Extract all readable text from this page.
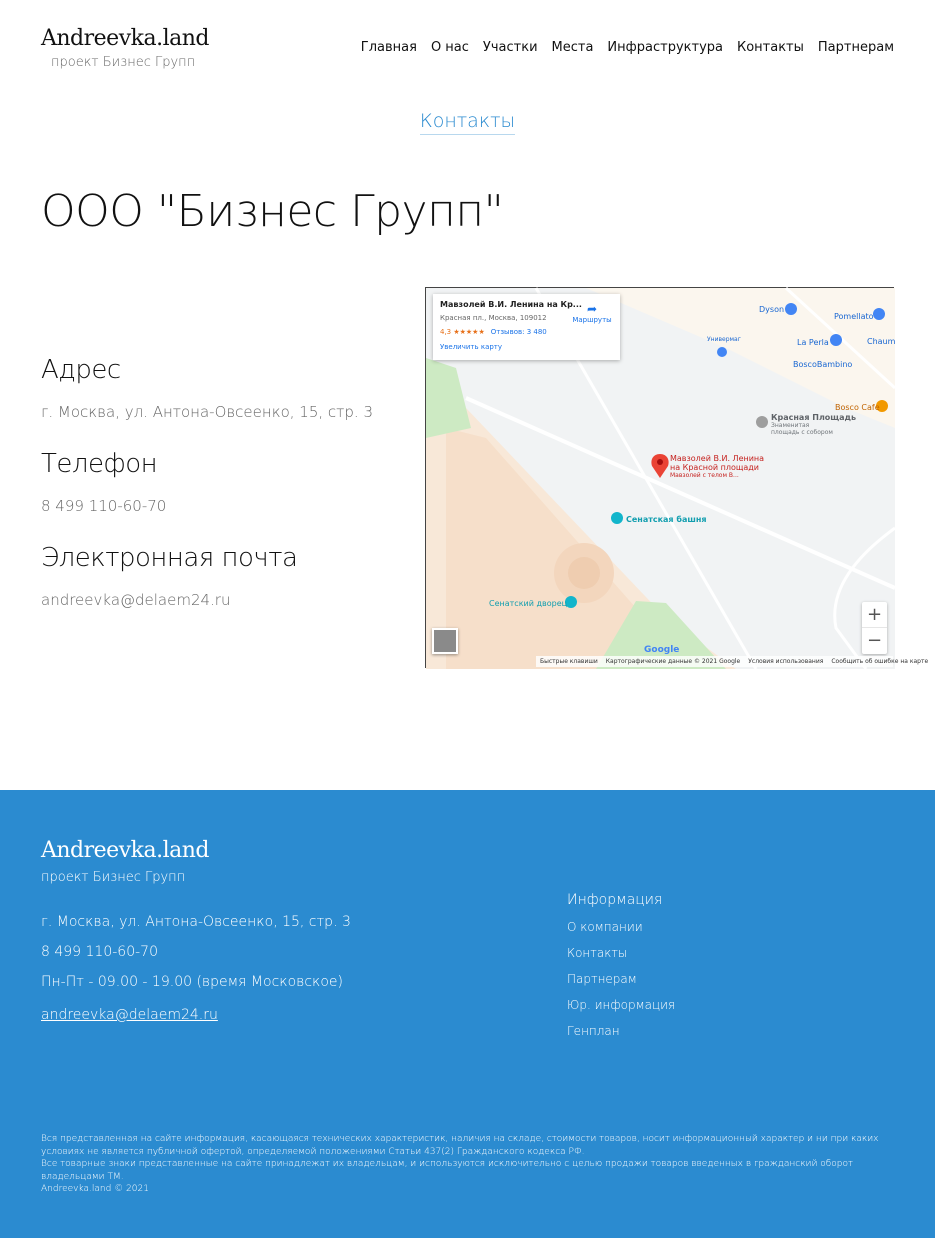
Andreevka.land
проект Бизнес Групп
Главная О нас Участки Места Инфраструктура Контакты Партнерам
Контакты
ООО "Бизнес Групп"
Адрес

г. Москва, ул. Антона-Овсеенко, 15, стр. 3

Телефон

8 499 110-60-70

Электронная почта

andreevka@delaem24.ru

Мавзолей В.И. Ленина на Кр...
Красная пл., Москва, 109012
4,3 ★★★★★ Отзывов: 3 480
Увеличить карту
➦
Маршруты
Dyson
Pomellato
Универмаг	La Perla	Chaum
BoscoBambino
Bosco Cafe
Красная Площадь
Знаменитая
площадь с собором
Мавзолей В.И. Ленина
на Красной площади
Мавзолей с телом В...
Сенатская башня
Сенатский дворец
+
−
Google
Быстрые клавиши Картографические данные © 2021 Google Условия использования Сообщить об ошибке на карте
Andreevka.land
проект Бизнес Групп
г. Москва, ул. Антона-Овсеенко, 15, стр. 3
8 499 110-60-70
Пн-Пт - 09.00 - 19.00 (время Московское)
andreevka@delaem24.ru
Информация
О компании
Контакты
Партнерам
Юр. информация
Генплан
Вся представленная на сайте информация, касающаяся технических характеристик, наличия на складе, стоимости товаров, носит информационный характер и ни при каких условиях не является публичной офертой, определяемой положениями Статьи 437(2) Гражданского кодекса РФ.
Все товарные знаки представленные на сайте принадлежат их владельцам, и используются исключительно с целью продажи товаров введенных в гражданский оборот владельцами ТМ.
Andreevka.land © 2021
